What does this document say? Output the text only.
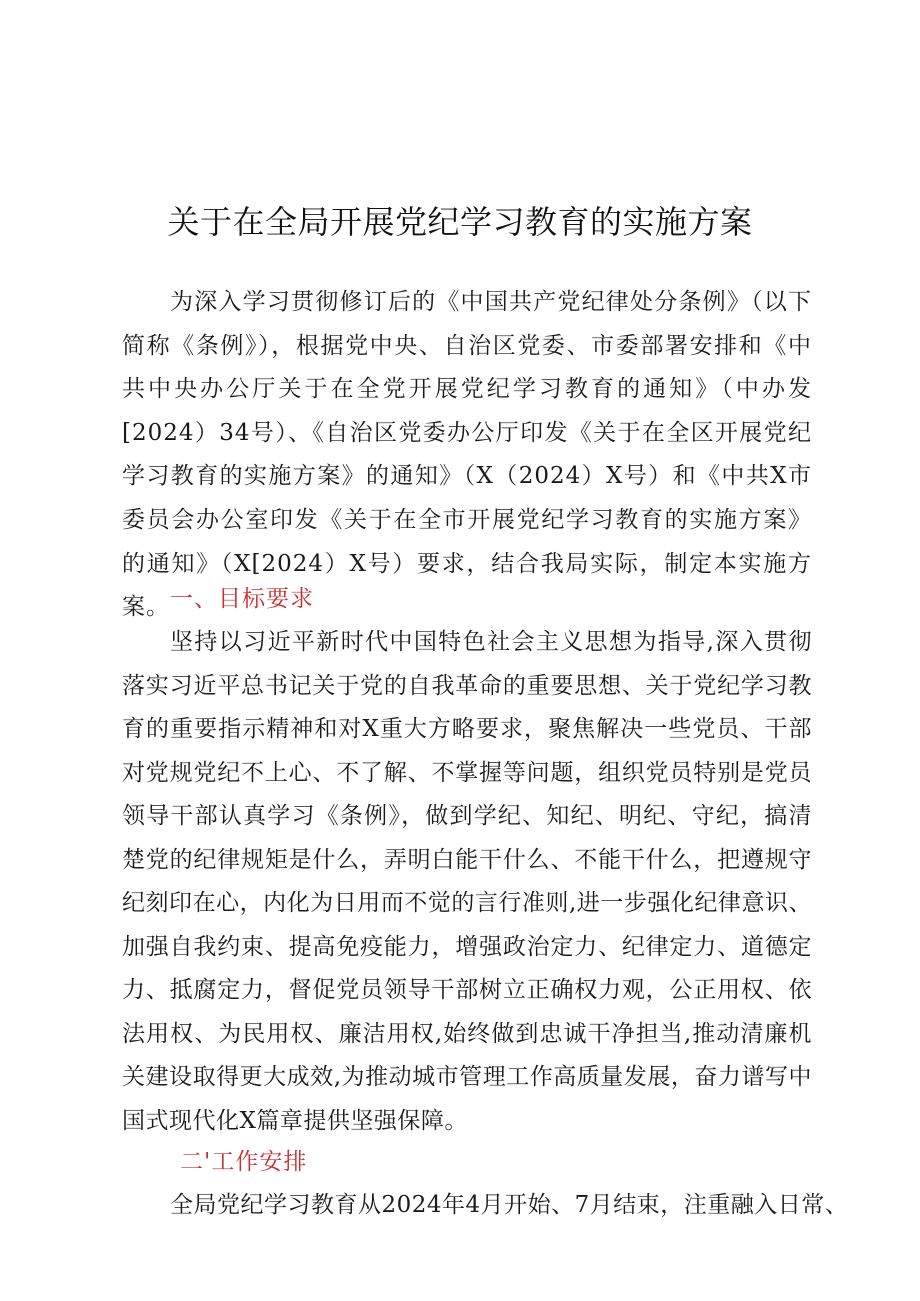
关于在全局开展党纪学习教育的实施方案

为深入学习贯彻修订后的《中国共产党纪律处分条例》（以下简称《条例》），根据党中央、自治区党委、市委部署安排和《中共中央办公厅关于在全党开展党纪学习教育的通知》（中办发[2024）34号）、《自治区党委办公厅印发《关于在全区开展党纪学习教育的实施方案》的通知》（X（2024）X号）和《中共X市委员会办公室印发《关于在全市开展党纪学习教育的实施方案》的通知》（X[2024）X号）要求，结合我局实际，制定本实施方案。 一、目标要求

坚持以习近平新时代中国特色社会主义思想为指导,深入贯彻落实习近平总书记关于党的自我革命的重要思想、关于党纪学习教育的重要指示精神和对X重大方略要求，聚焦解决一些党员、干部对党规党纪不上心、不了解、不掌握等问题，组织党员特别是党员领导干部认真学习《条例》，做到学纪、知纪、明纪、守纪，搞清楚党的纪律规矩是什么，弄明白能干什么、不能干什么，把遵规守纪刻印在心，内化为日用而不觉的言行准则,进一步强化纪律意识、加强自我约束、提高免疫能力，增强政治定力、纪律定力、道德定力、抵腐定力，督促党员领导干部树立正确权力观，公正用权、依法用权、为民用权、廉洁用权,始终做到忠诚干净担当,推动清廉机关建设取得更大成效,为推动城市管理工作高质量发展，奋力谱写中国式现代化X篇章提供坚强保障。

二'工作安排

全局党纪学习教育从2024年4月开始、7月结束，注重融入日常、
